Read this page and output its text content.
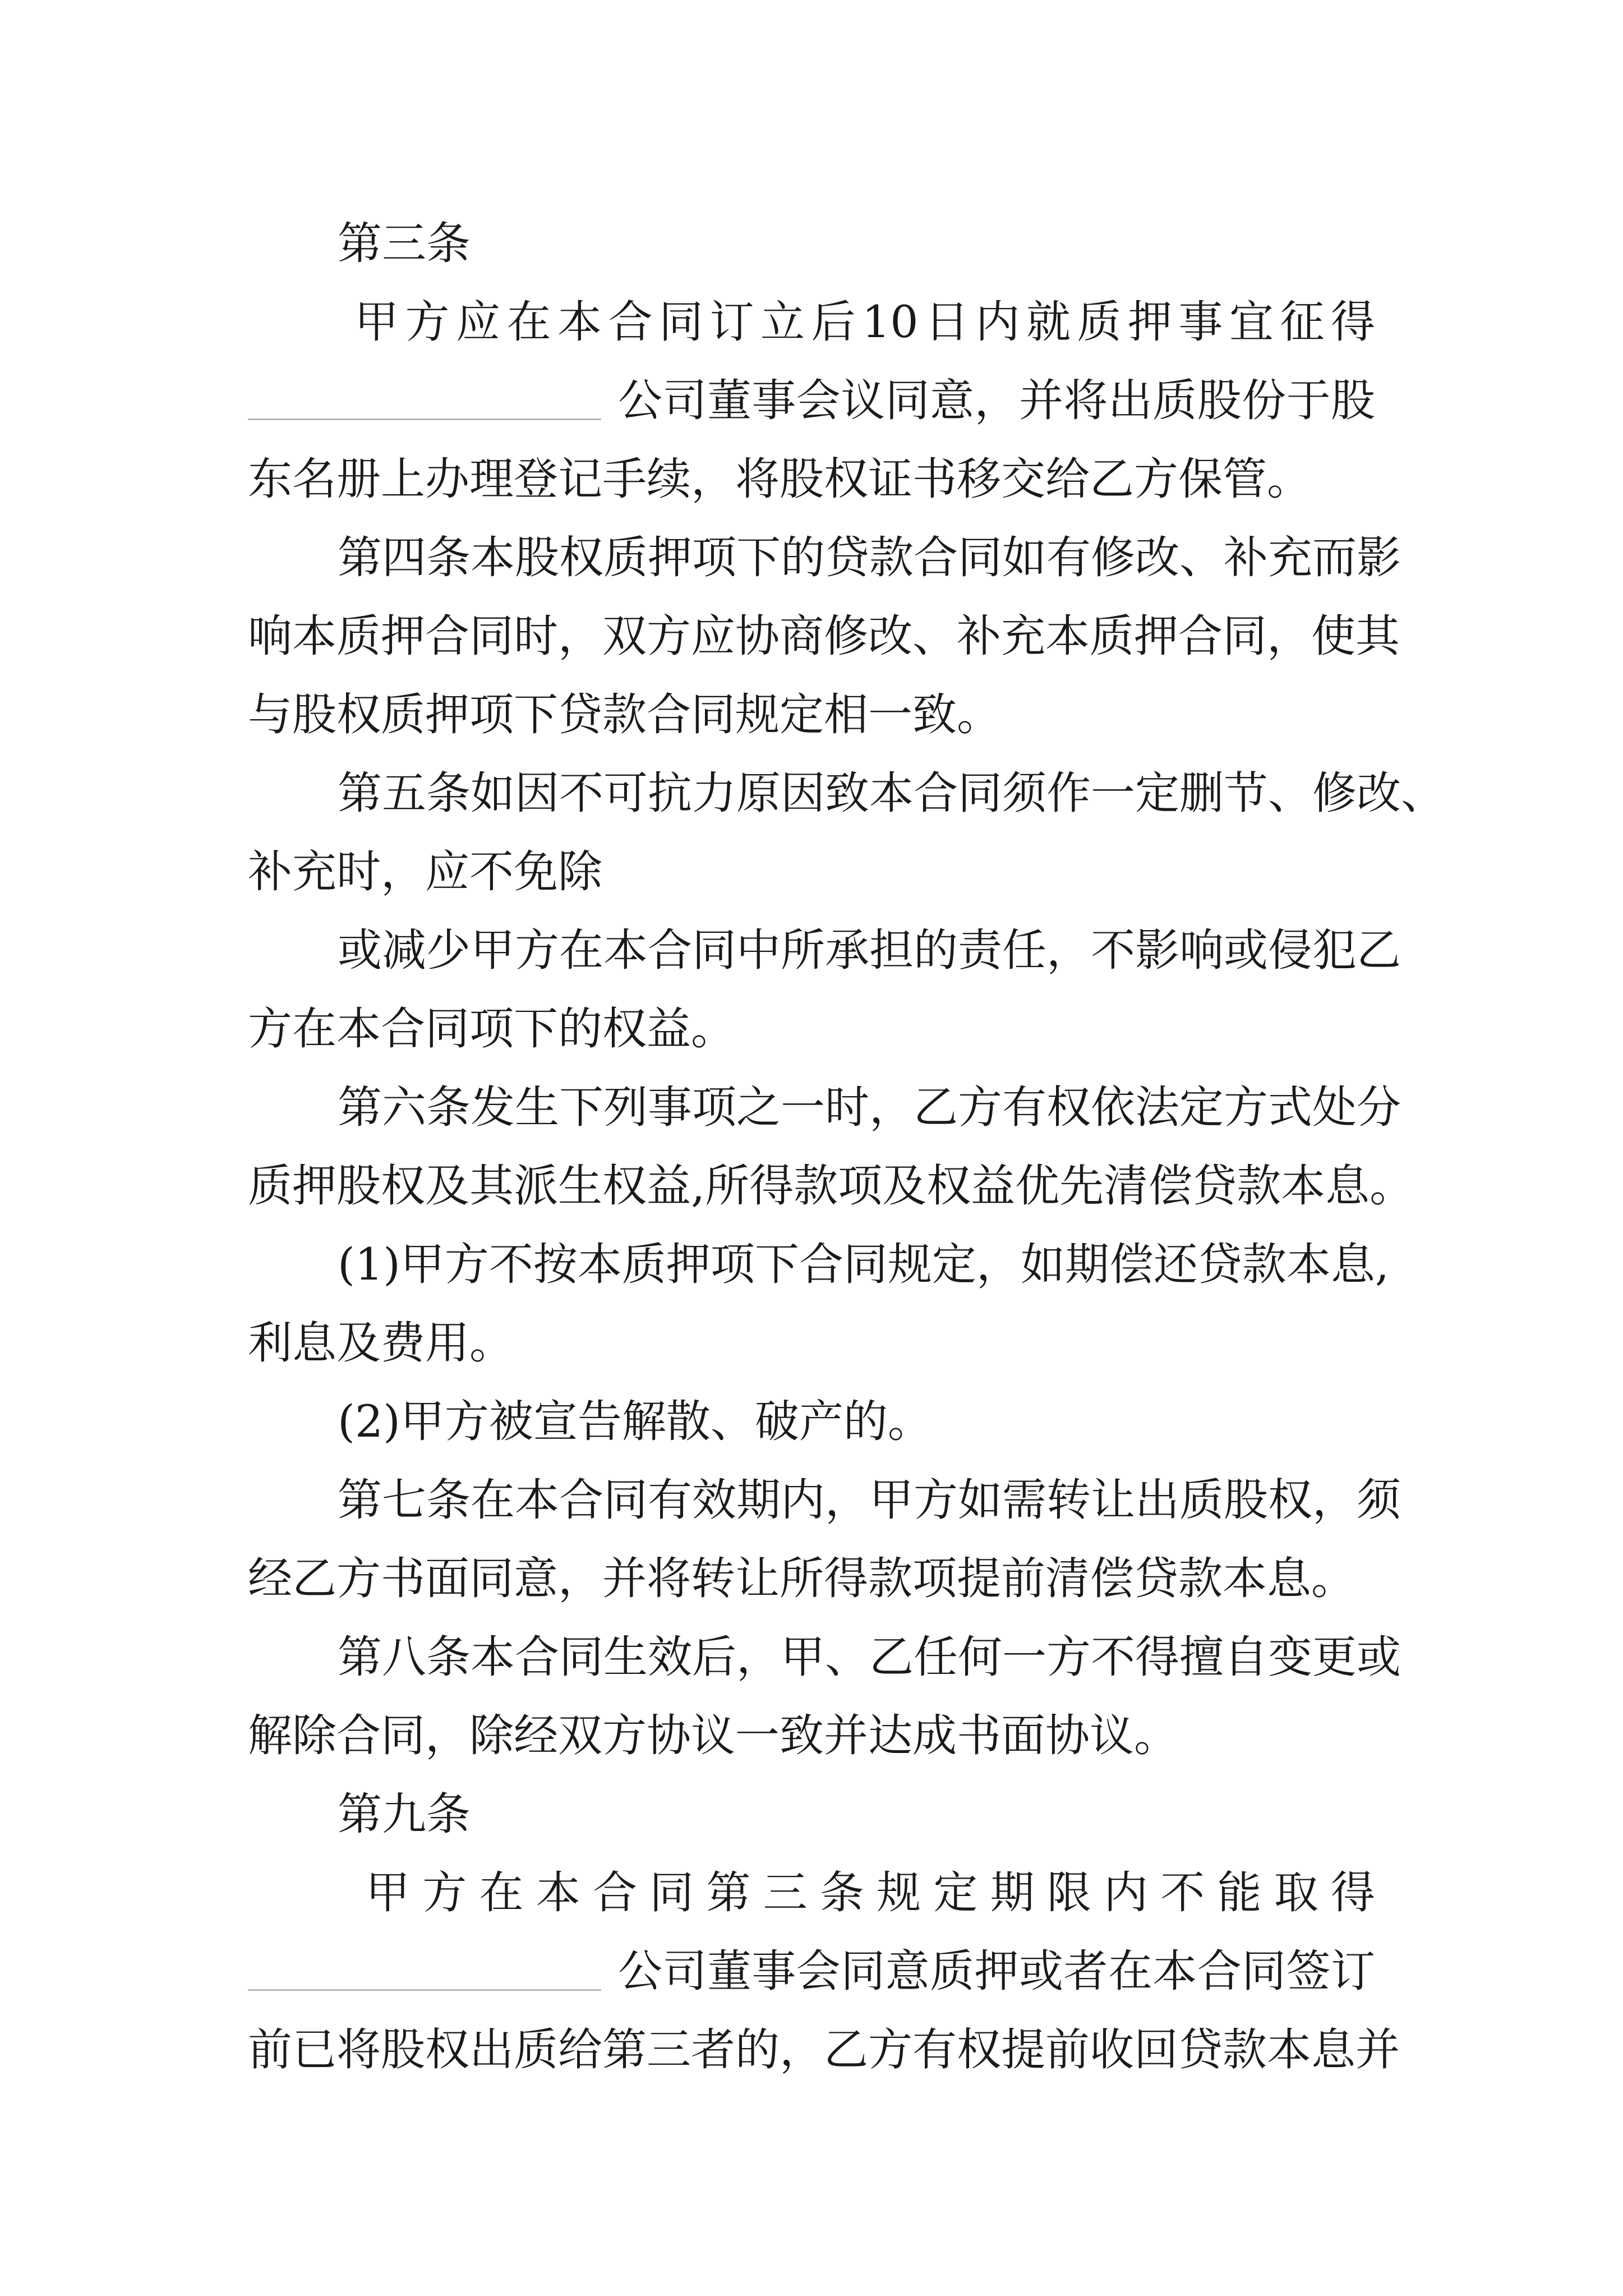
第三条
甲方应在本合同订立后10日内就质押事宜征得
公司董事会议同意，并将出质股份于股
东名册上办理登记手续，将股权证书移交给乙方保管。
第四条本股权质押项下的贷款合同如有修改、补充而影
响本质押合同时，双方应协商修改、补充本质押合同，使其
与股权质押项下贷款合同规定相一致。
第五条如因不可抗力原因致本合同须作一定删节、修改、
补充时，应不免除
或减少甲方在本合同中所承担的责任，不影响或侵犯乙
方在本合同项下的权益。
第六条发生下列事项之一时，乙方有权依法定方式处分
质押股权及其派生权益,所得款项及权益优先清偿贷款本息。
(1)甲方不按本质押项下合同规定，如期偿还贷款本息,
利息及费用。
(2)甲方被宣告解散、破产的。
第七条在本合同有效期内，甲方如需转让出质股权，须
经乙方书面同意，并将转让所得款项提前清偿贷款本息。
第八条本合同生效后，甲、乙任何一方不得擅自变更或
解除合同，除经双方协议一致并达成书面协议。
第九条
甲方在本合同第三条规定期限内不能取得
公司董事会同意质押或者在本合同签订
前已将股权出质给第三者的，乙方有权提前收回贷款本息并
